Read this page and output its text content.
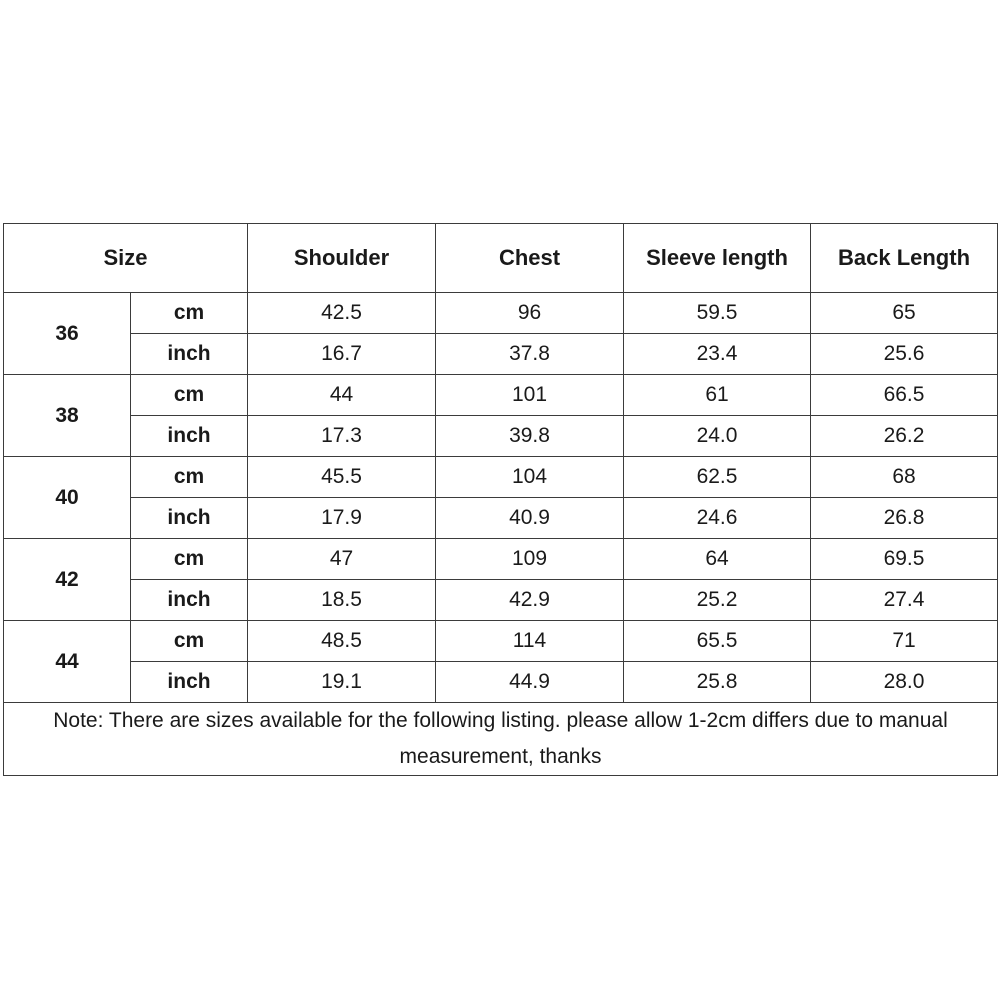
Size		Shoulder	Chest	Sleeve length	Back Length
36	cm	42.5	96	59.5	65
	inch	16.7	37.8	23.4	25.6
38	cm	44	101	61	66.5
	inch	17.3	39.8	24.0	26.2
40	cm	45.5	104	62.5	68
	inch	17.9	40.9	24.6	26.8
42	cm	47	109	64	69.5
	inch	18.5	42.9	25.2	27.4
44	cm	48.5	114	65.5	71
	inch	19.1	44.9	25.8	28.0
Note: There are sizes available for the following listing. please allow 1-2cm differs due to manual measurement, thanks					
